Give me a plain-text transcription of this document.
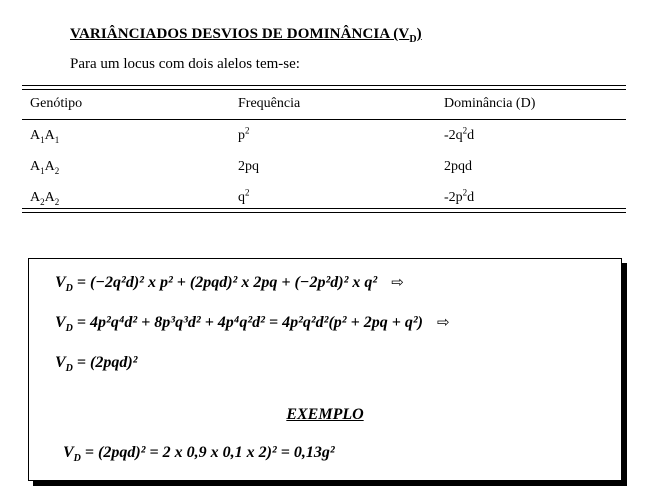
VARIÂNCIADOS DESVIOS DE DOMINÂNCIA $(V_D)$
Para um locus com dois alelos tem-se:
Genótipo	Frequência	Dominância (D)
$A_1A_1$	$p^2$	$-2q^2d$
$A_1A_2$	2pq	2pqd
$A_2A_2$	$q^2$	$-2p^2d$
$V_D = (-2q^2d)^2$ x p² + (2pqd)² x 2pq + (−2p²d)² x q² ⇨
$V_D = 4p^2q^4d^2 + 8p^3q^3d^2 + 4p^4q^2d^2 = 4p^2q^2d^2(p^2 + 2pq + q^2)$ ⇨
$V_D = (2pqd)^2$
EXEMPLO
$V_D = (2pqd)^2 = 2$ x 0,9 x 0,1 x 2)² = 0,13g²
